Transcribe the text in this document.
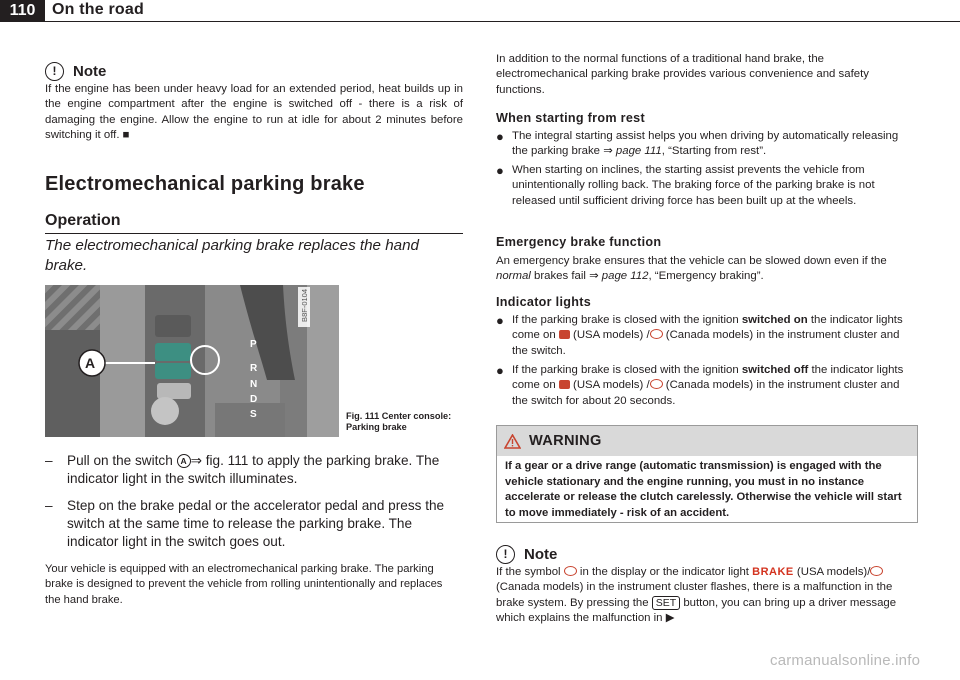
110	On the road
!	Note

If the engine has been under heavy load for an extended period, heat builds up in the engine compartment after the engine is switched off - there is a risk of damaging the engine. Allow the engine to run at idle for about 2 minutes before switching it off. ■

Electromechanical parking brake
Operation
The electromechanical parking brake replaces the hand brake.
A
P
R
N
D
S
B8F-0104
Fig. 111 Center console: Parking brake
–	Pull on the switch A ⇒ fig. 111 to apply the parking brake. The indicator light in the switch illuminates.
–	Step on the brake pedal or the accelerator pedal and press the switch at the same time to release the parking brake. The indicator light in the switch goes out.

Your vehicle is equipped with an electromechanical parking brake. The parking brake is designed to prevent the vehicle from rolling unintentionally and replaces the hand brake.

In addition to the normal functions of a traditional hand brake, the electromechanical parking brake provides various convenience and safety functions.

When starting from rest
● The integral starting assist helps you when driving by automatically releasing the parking brake ⇒ page 111, “Starting from rest”.
● When starting on inclines, the starting assist prevents the vehicle from unintentionally rolling back. The braking force of the parking brake is not released until sufficient driving force has been built up at the wheels.
Emergency brake function

An emergency brake ensures that the vehicle can be slowed down even if the normal brakes fail ⇒ page 112, “Emergency braking”.

Indicator lights
● If the parking brake is closed with the ignition switched on the indicator lights come on  (USA models) / (Canada models) in the instrument cluster and the switch.
● If the parking brake is closed with the ignition switched off the indicator lights come on  (USA models) / (Canada models) in the instrument cluster and the switch for about 20 seconds.
WARNING
If a gear or a drive range (automatic transmission) is engaged with the vehicle stationary and the engine running, you must in no instance accelerate or release the clutch carelessly. Otherwise the vehicle will start to move immediately - risk of an accident.
!	Note

If the symbol  in the display or the indicator light BRAKE (USA models)/ (Canada models) in the instrument cluster flashes, there is a malfunction in the brake system. By pressing the SET button, you can bring up a driver message which explains the malfunction in ▶

carmanualsonline.info
